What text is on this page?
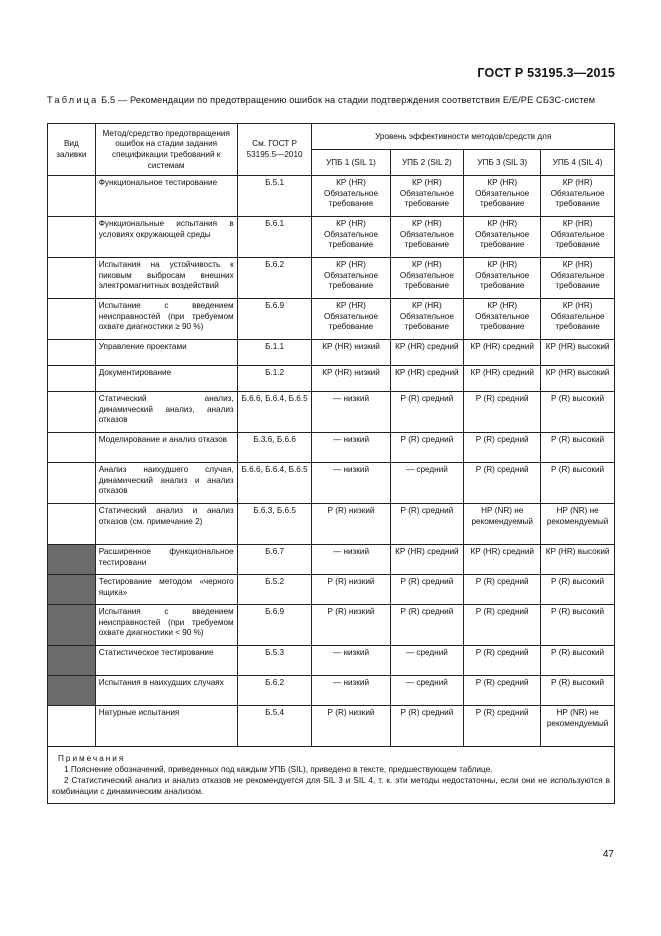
ГОСТ Р 53195.3—2015
Таблица Б.5 — Рекомендации по предотвращению ошибок на стадии подтверждения соответствия E/E/PE СБЗС-систем
Вид заливки	Метод/средство предотвращения ошибок на стадии задания спецификации требований к системам	См. ГОСТ Р 53195.5—2010	Уровень эффективности методов/средств для			
			УПБ 1 (SIL 1)	УПБ 2 (SIL 2)	УПБ 3 (SIL 3)	УПБ 4 (SIL 4)
	Функциональное тестирование	Б.5.1	КР (HR) Обязательное требование	КР (HR) Обязательное требование	КР (HR) Обязательное требование	КР (HR) Обязательное требование
	Функциональные испытания в условиях окружающей среды	Б.6.1	КР (HR) Обязательное требование	КР (HR) Обязательное требование	КР (HR) Обязательное требование	КР (HR) Обязательное требование
	Испытания на устойчивость к пиковым выбросам внешних электромагнитных воздействий	Б.6.2	КР (HR) Обязательное требование	КР (HR) Обязательное требование	КР (HR) Обязательное требование	КР (HR) Обязательное требование
	Испытание с введением неисправностей (при требуемом охвате диагностики ≥ 90 %)	Б.6.9	КР (HR) Обязательное требование	КР (HR) Обязательное требование	КР (HR) Обязательное требование	КР (HR) Обязательное требование
	Управление проектами	Б.1.1	КР (HR) низкий	КР (HR) средний	КР (HR) средний	КР (HR) высокий
	Документирование	Б.1.2	КР (HR) низкий	КР (HR) средний	КР (HR) средний	КР (HR) высокий
	Статический анализ, динамический анализ, анализ отказов	Б.6.6, Б.6.4, Б.6.5	— низкий	Р (R) средний	Р (R) средний	Р (R) высокий
	Моделирование и анализ отказов	Б.3.6, Б.6.6	— низкий	Р (R) средний	Р (R) средний	Р (R) высокий
	Анализ наихудшего случая, динамический анализ и анализ отказов	Б.6.6, Б.6.4, Б.6.5	— низкий	— средний	Р (R) средний	Р (R) высокий
	Статический анализ и анализ отказов (см. примечание 2)	Б.6.3, Б.6.5	Р (R) низкий	Р (R) средний	НР (NR) не рекомендуемый	НР (NR) не рекомендуемый
	Расширенное функциональное тестировани	Б.6.7	— низкий	КР (HR) средний	КР (HR) средний	КР (HR) высокий
	Тестирование методом «черного ящика»	Б.5.2	Р (R) низкий	Р (R) средний	Р (R) средний	Р (R) высокий
	Испытания с введением неисправностей (при требуемом охвате диагностики < 90 %)	Б.6.9	Р (R) низкий	Р (R) средний	Р (R) средний	Р (R) высокий
	Статистическое тестирование	Б.5.3	— низкий	— средний	Р (R) средний	Р (R) высокий
	Испытания в наихудших случаях	Б.6.2	— низкий	— средний	Р (R) средний	Р (R) высокий
	Натурные испытания	Б.5.4	Р (R) низкий	Р (R) средний	Р (R) средний	НР (NR) не рекомендуемый

Примечания
1 Пояснение обозначений, приведенных под каждым УПБ (SIL), приведено в тексте, предшествующем таблице.
2 Статистический анализ и анализ отказов не рекомендуется для SIL 3 и SIL 4, т. к. эти методы недостаточны, если они не используются в комбинации с динамическим анализом.						
47
